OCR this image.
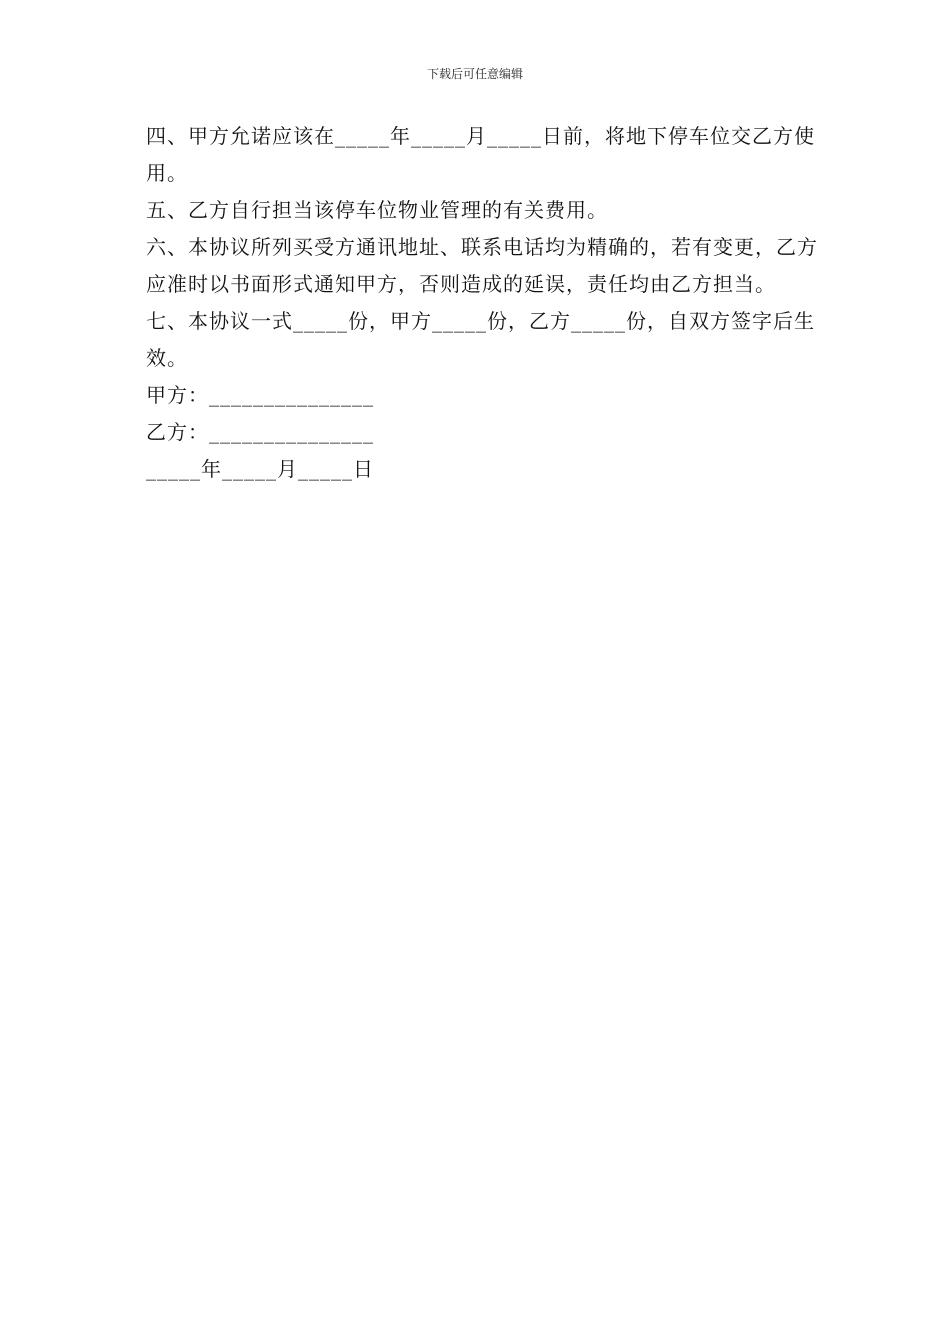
下载后可任意编辑

四、甲方允诺应该在_____年_____月_____日前，将地下停车位交乙方使用。

五、乙方自行担当该停车位物业管理的有关费用。

六、本协议所列买受方通讯地址、联系电话均为精确的，若有变更，乙方应准时以书面形式通知甲方，否则造成的延误，责任均由乙方担当。

七、本协议一式_____份，甲方_____份，乙方_____份，自双方签字后生效。

甲方：_______________

乙方：_______________

_____年_____月_____日
